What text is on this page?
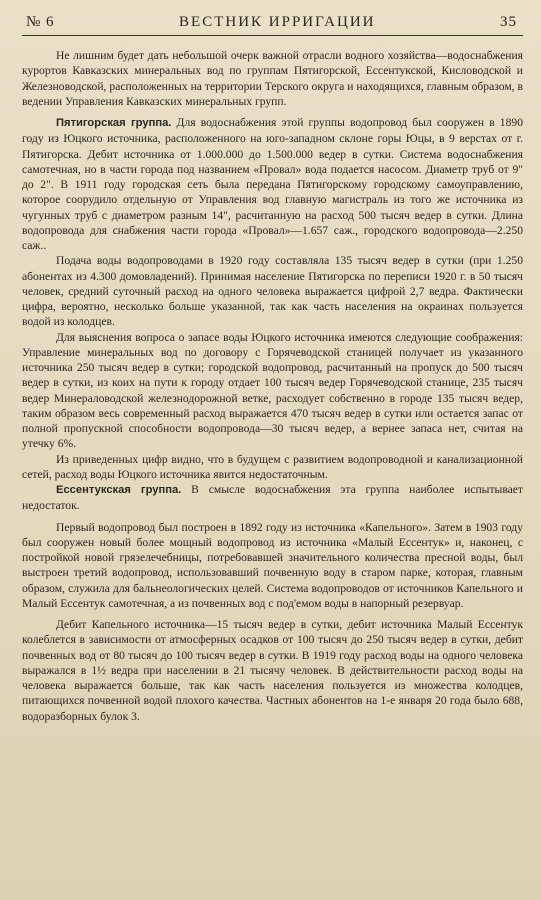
№ 6	ВЕСТНИК ИРРИГАЦИИ	35

Не лишним будет дать небольшой очерк важной отрасли водного хозяйства—водоснабжения курортов Кавказских минеральных вод по группам Пятигорской, Ессентукской, Кисловодской и Железноводской, расположенных на территории Терского округа и находящихся, главным образом, в ведении Управления Кавказских минеральных групп.

Пятигорская группа. Для водоснабжения этой группы водопровод был сооружен в 1890 году из Юцкого источника, расположенного на юго-западном склоне горы Юцы, в 9 верстах от г. Пятигорска. Дебит источника от 1.000.000 до 1.500.000 ведер в сутки. Система водоснабжения самотечная, но в части города под названием «Провал» вода подается насосом. Диаметр труб от 9" до 2". В 1911 году городская сеть была передана Пятигорскому городскому самоуправлению, которое соорудило отдельную от Управления вод главную магистраль из того же источника из чугунных труб с диаметром разным 14", расчитанную на расход 500 тысяч ведер в сутки. Длина водопровода для снабжения части города «Провал»—1.657 саж., городского водопровода—2.250 саж..

Подача воды водопроводами в 1920 году составляла 135 тысяч ведер в сутки (при 1.250 абонентах из 4.300 домовладений). Принимая население Пятигорска по переписи 1920 г. в 50 тысяч человек, средний суточный расход на одного человека выражается цифрой 2,7 ведра. Фактически цифра, вероятно, несколько больше указанной, так как часть населения на окраинах пользуется водой из колодцев.

Для выяснения вопроса о запасе воды Юцкого источника имеются следующие соображения: Управление минеральных вод по договору с Горячеводской станицей получает из указанного источника 250 тысяч ведер в сутки; городской водопровод, расчитанный на пропуск до 500 тысяч ведер в сутки, из коих на пути к городу отдает 100 тысяч ведер Горячеводской станице, 235 тысяч ведер Минераловодской железнодорожной ветке, расходует собственно в городе 135 тысяч ведер, таким образом весь современный расход выражается 470 тысяч ведер в сутки или остается запас от полной пропускной способности водопровода—30 тысяч ведер, а вернее запаса нет, считая на утечку 6%.

Из приведенных цифр видно, что в будущем с развитием водопроводной и канализационной сетей, расход воды Юцкого источника явится недостаточным.

Ессентукская группа. В смысле водоснабжения эта группа наиболее испытывает недостаток.

Первый водопровод был построен в 1892 году из источника «Капельного». Затем в 1903 году был сооружен новый более мощный водопровод из источника «Малый Ессентук» и, наконец, с постройкой новой грязелечебницы, потребовавшей значительного количества пресной воды, был выстроен третий водопровод, использовавший почвенную воду в старом парке, которая, главным образом, служила для бальнеологических целей. Система водопроводов от источников Капельного и Малый Ессентук самотечная, а из почвенных вод с под'емом воды в напорный резервуар.

Дебит Капельного источника—15 тысяч ведер в сутки, дебит источника Малый Ессентук колеблется в зависимости от атмосферных осадков от 100 тысяч до 250 тысяч ведер в сутки, дебит почвенных вод от 80 тысяч до 100 тысяч ведер в сутки. В 1919 году расход воды на одного человека выражался в 1½ ведра при населении в 21 тысячу человек. В действительности расход воды на человека выражается больше, так как часть населения пользуется из множества колодцев, питающихся почвенной водой плохого качества. Частных абонентов на 1-е января 20 года было 688, водоразборных булок 3.
